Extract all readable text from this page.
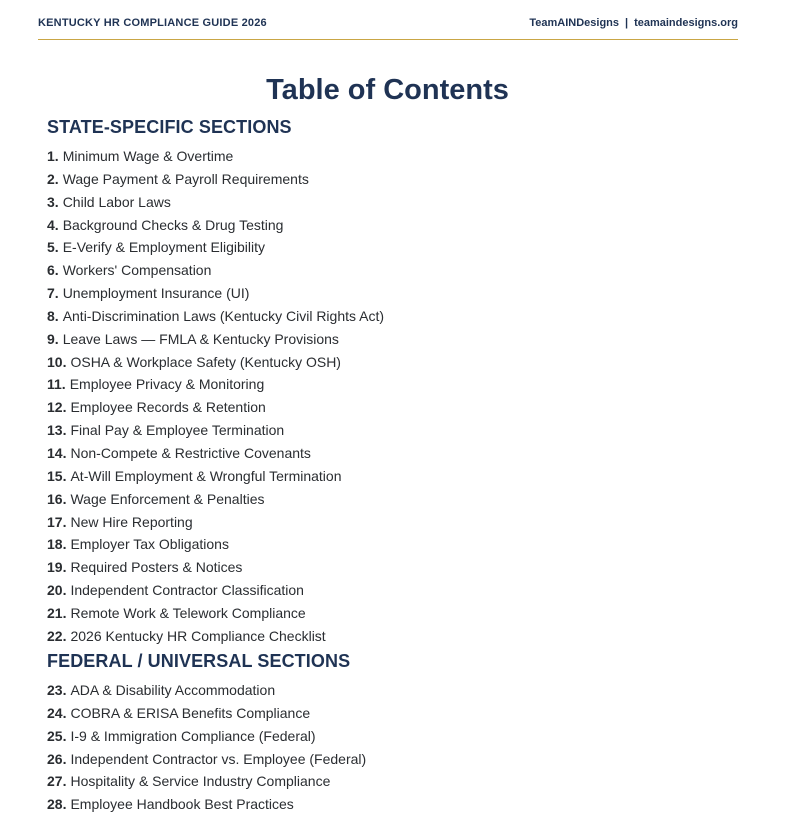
KENTUCKY HR COMPLIANCE GUIDE 2026	TeamAINDesigns | teamaindesigns.org
Table of Contents
STATE-SPECIFIC SECTIONS
1. Minimum Wage & Overtime
2. Wage Payment & Payroll Requirements
3. Child Labor Laws
4. Background Checks & Drug Testing
5. E-Verify & Employment Eligibility
6. Workers' Compensation
7. Unemployment Insurance (UI)
8. Anti-Discrimination Laws (Kentucky Civil Rights Act)
9. Leave Laws — FMLA & Kentucky Provisions
10. OSHA & Workplace Safety (Kentucky OSH)
11. Employee Privacy & Monitoring
12. Employee Records & Retention
13. Final Pay & Employee Termination
14. Non-Compete & Restrictive Covenants
15. At-Will Employment & Wrongful Termination
16. Wage Enforcement & Penalties
17. New Hire Reporting
18. Employer Tax Obligations
19. Required Posters & Notices
20. Independent Contractor Classification
21. Remote Work & Telework Compliance
22. 2026 Kentucky HR Compliance Checklist
FEDERAL / UNIVERSAL SECTIONS
23. ADA & Disability Accommodation
24. COBRA & ERISA Benefits Compliance
25. I-9 & Immigration Compliance (Federal)
26. Independent Contractor vs. Employee (Federal)
27. Hospitality & Service Industry Compliance
28. Employee Handbook Best Practices
